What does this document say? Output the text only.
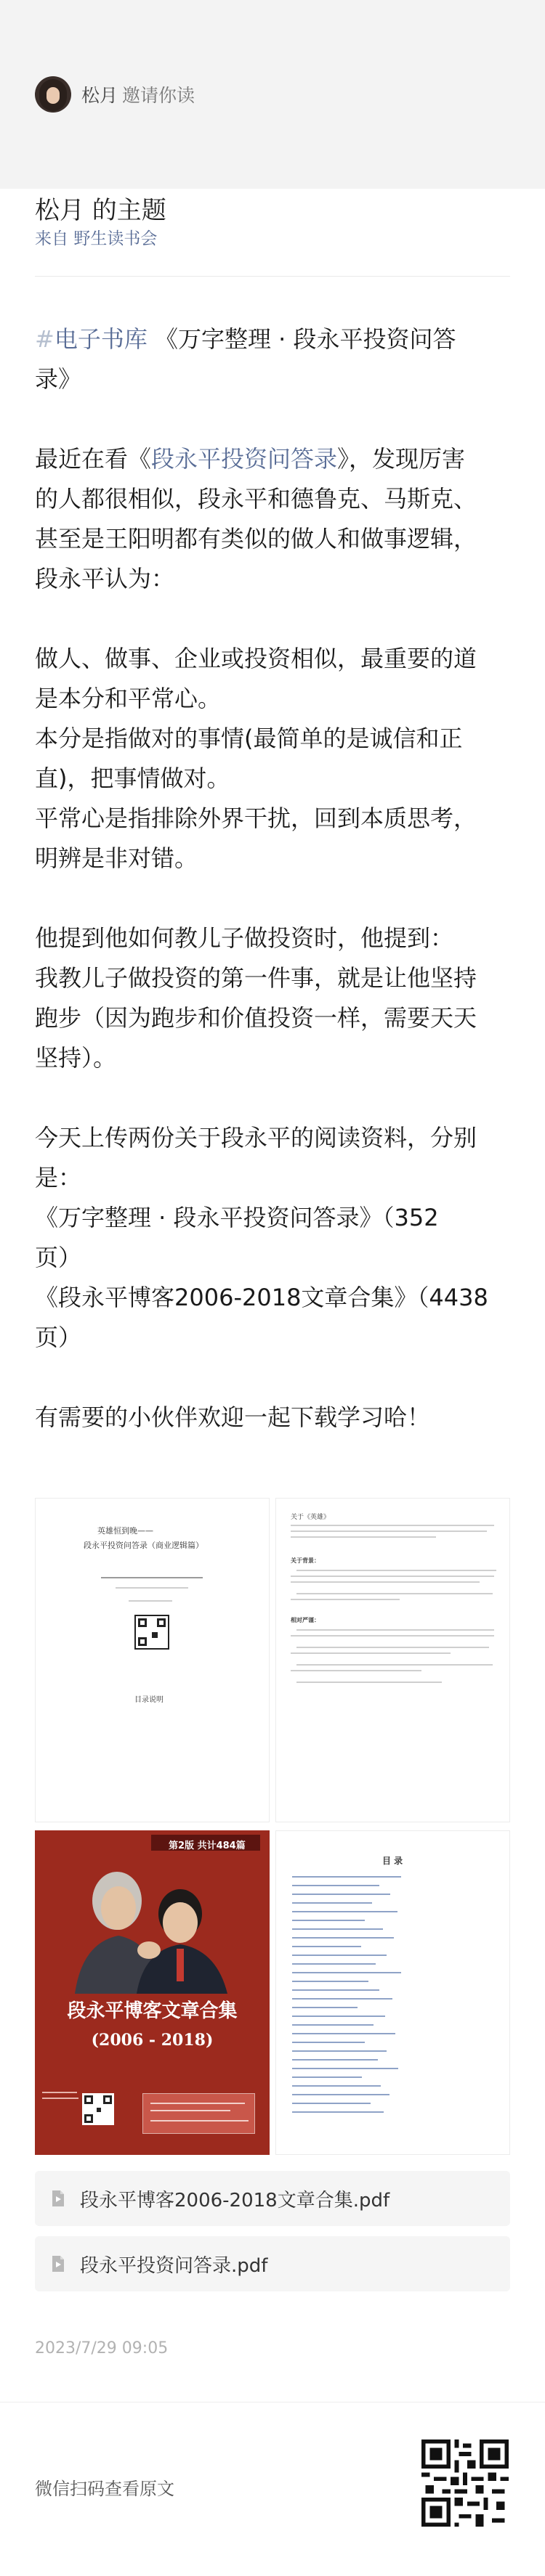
松月 邀请你读
松月 的主题
来自 野生读书会

#电子书库 《万字整理 · 段永平投资问答

录》

最近在看《段永平投资问答录》，发现厉害

的人都很相似，段永平和德鲁克、马斯克、

甚至是王阳明都有类似的做人和做事逻辑，

段永平认为：

做人、做事、企业或投资相似，最重要的道

是本分和平常心。

本分是指做对的事情(最简单的是诚信和正

直)，把事情做对。

平常心是指排除外界干扰，回到本质思考，

明辨是非对错。

他提到他如何教儿子做投资时，他提到：

我教儿子做投资的第一件事，就是让他坚持

跑步（因为跑步和价值投资一样，需要天天

坚持）。

今天上传两份关于段永平的阅读资料，分别

是：

《万字整理 · 段永平投资问答录》（352

页）

《段永平博客2006-2018文章合集》（4438

页）

有需要的小伙伴欢迎一起下载学习哈！

英雄恒到晚——
段永平投资问答录（商业逻辑篇）
目录说明
关于《英雄》
关于背景：
相对严谨：
第2版 共计484篇
段永平博客文章合集
(2006 - 2018)
目 录
段永平博客2006-2018文章合集.pdf
段永平投资问答录.pdf
2023/7/29 09:05
微信扫码查看原文
